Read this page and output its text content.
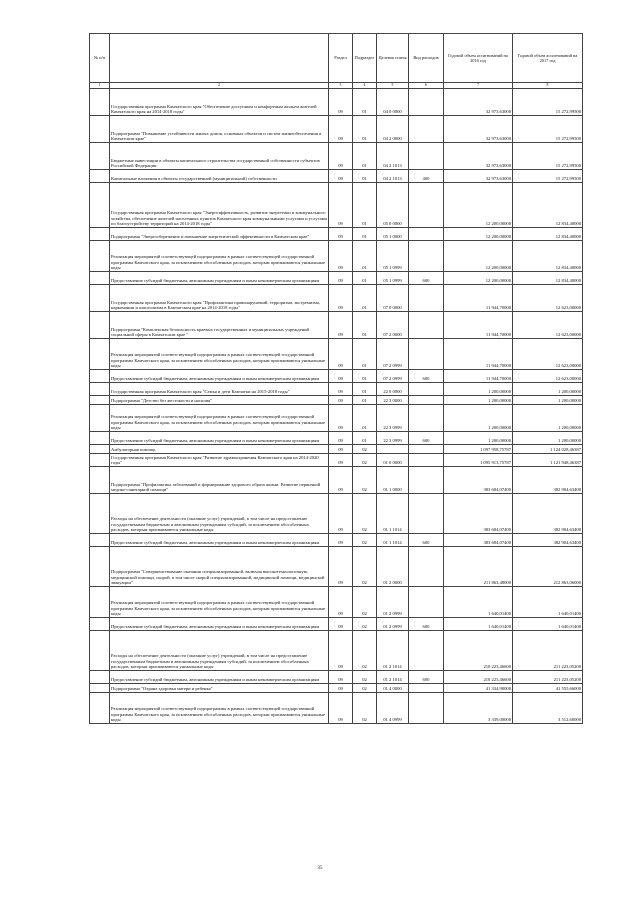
№ п/п		Раздел	Подраздел	Целевая статья	Вид расходов	Годовой объем ассигнований на 2016 год	Годовой объем ассигнований на 2017 год
1	2	3	4	5	6	7	8
	Государственная программа Камчатского края "Обеспечение доступным и комфортным жильем жителей Камчатского края на 2014-2018 годы"	09	01	04 0 0000		32 973,63000	15 272,99500
	Подпрограмма "Повышение устойчивости жилых домов, основных объектов и систем жизнеобеспечения в Камчатском крае"	09	01	04 2 0000		32 973,63000	15 272,99500
	Бюджетные инвестиции в объекты капитального строительства государственной собственности субъектов Российской Федерации	09	01	04 2 1013		32 973,63000	15 272,99500
	Капитальные вложения в объекты государственной (муниципальной) собственности	09	01	04 2 1013	400	32 973,63000	15 272,99500
	Государственная программа Камчатского края "Энергоэффективность, развитие энергетики и коммунального хозяйства, обеспечение жителей населенных пунктов Камчатского края коммунальными услугами и услугами по благоустройству территорий на 2014-2018 годы"	09	01	05 0 0000		12 200,00000	12 834,40000
	Подпрограмма "Энергосбережение и повышение энергетической эффективности в Камчатском крае"	09	01	05 1 0000		12 200,00000	12 834,40000
	Реализация мероприятий соответствующей подпрограммы в рамках соответствующей государственной программы Камчатского края, за исключением обособленных расходов, которым присваиваются уникальные коды	09	01	05 1 0999		12 200,00000	12 834,40000
	Предоставление субсидий бюджетным, автономным учреждениям и иным некоммерческим организациям	09	01	05 1 0999	600	12 200,00000	12 834,40000
	Государственная программа Камчатского края "Профилактика правонарушений, терроризма, экстремизма, наркомании и алкоголизма в Камчатском крае на 2014-2018 годы"	09	01	07 0 0000		11 944,70000	12 623,00000
	Подпрограмма "Комплексная безопасность краевых государственных и муниципальных учреждений социальной сферы в Камчатском крае "	09	01	07 2 0000		11 944,70000	12 623,00000
	Реализация мероприятий соответствующей подпрограммы в рамках соответствующей государственной программы Камчатского края, за исключением обособленных расходов, которым присваиваются уникальные коды	09	01	07 2 0999		11 944,70000	12 623,00000
	Предоставление субсидий бюджетным, автономным учреждениям и иным некоммерческим организациям	09	01	07 2 0999	600	11 944,70000	12 623,00000
	Государственная программа Камчатского края "Семья и дети Камчатки на 2015-2018 годы"	09	01	22 0 0000		1 200,00000	1 200,00000
	Подпрограмма "Детство без жестокости и насилия"	09	01	22 3 0000		1 200,00000	1 200,00000
	Реализация мероприятий соответствующей подпрограммы в рамках соответствующей государственной программы Камчатского края, за исключением обособленных расходов, которым присваиваются уникальные коды	09	01	22 3 0999		1 200,00000	1 200,00000
	Предоставление субсидий бюджетным, автономным учреждениям и иным некоммерческим организациям	09	01	22 3 0999	600	1 200,00000	1 200,00000
	Амбулаторная помощь	09	02			1 097 958,75787	1 124 028,46387
	Государственная программа Камчатского края "Развитие здравоохранения Камчатского края на 2014-2020 годы"	09	02	01 0 0000		1 095 913,75787	1 121 948,46387
	Подпрограмма "Профилактика заболеваний и формирование здорового образа жизни. Развитие первичной медико-санитарной помощи"	09	02	01 1 0000		383 684,07400	382 904,63400
	Расходы на обеспечение деятельности (оказание услуг) учреждений, в том числе на предоставление государственным бюджетным и автономным учреждениям субсидий, за исключением обособленных расходов, которым присваиваются уникальные коды	09	02	01 1 1014		383 684,07400	382 904,63400
	Предоставление субсидий бюджетным, автономным учреждениям и иным некоммерческим организациям	09	02	01 1 1014	600	383 684,07400	382 904,63400
	Подпрограмма "Совершенствование оказания специализированной, включая высокотехнологичную, медицинской помощи, скорой, в том числе скорой специализированной, медицинской помощи, медицинской эвакуации"	09	02	01 2 0000		211 863,48000	212 863,06000
	Реализация мероприятий соответствующей подпрограммы в рамках соответствующей государственной программы Камчатского края, за исключением обособленных расходов, которым присваиваются уникальные коды	09	02	01 2 0999		1 640,01400	1 640,01400
	Предоставление субсидий бюджетным, автономным учреждениям и иным некоммерческим организациям	09	02	01 2 0999	600	1 640,01400	1 640,01400
	Расходы на обеспечение деятельности (оказание услуг) учреждений, в том числе на предоставление государственным бюджетным и автономным учреждениям субсидий, за исключением обособленных расходов, которым присваиваются уникальные коды	09	02	01 2 1014		210 223,46600	211 223,05200
	Предоставление субсидий бюджетным, автономным учреждениям и иным некоммерческим организациям	09	02	01 2 1014	600	210 223,46600	211 223,05200
	Подпрограмма "Охрана здоровья матери и ребенка"	09	02	01 4 0000		41 334,90000	41 555,66000
	Реализация мероприятий соответствующей подпрограммы в рамках соответствующей государственной программы Камчатского края, за исключением обособленных расходов, которым присваиваются уникальные коды	09	02	01 4 0999		3 339,00000	3 512,60000
35
